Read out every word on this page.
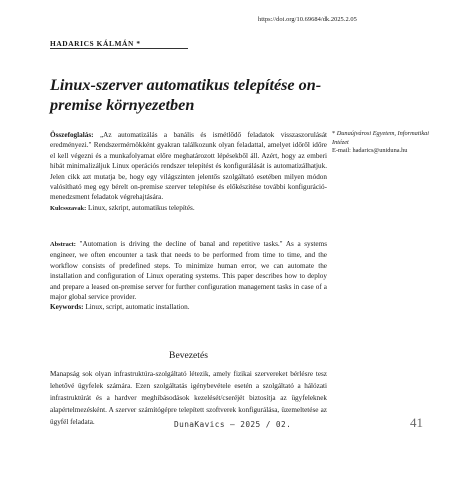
https://doi.org/10.69684/dk.2025.2.05
HADARICS KÁLMÁN *
Linux-szerver automatikus telepítése on-premise környezetben
Összefoglalás: „Az automatizálás a banális és ismétlődő feladatok visszaszorulását eredményezi." Rendszermérnökként gyakran találkozunk olyan feladattal, amelyet időről időre el kell végezni és a munkafolyamat előre meghatározott lépésekből áll. Azért, hogy az emberi hibát minimalizáljuk Linux operációs rendszer telepítést és konfigurálását is automatizálhatjuk. Jelen cikk azt mutatja be, hogy egy világszinten jelentős szolgáltató esetében milyen módon valósítható meg egy bérelt on-premise szerver telepítése és előkészítése további konfiguráció-menedzsment feladatok végrehajtására.
Kulcsszavak: Linux, szkript, automatikus telepítés.
Abstract: "Automation is driving the decline of banal and repetitive tasks." As a systems engineer, we often encounter a task that needs to be performed from time to time, and the workflow consists of predefined steps. To minimize human error, we can automate the installation and configuration of Linux operating systems. This paper describes how to deploy and prepare a leased on-premise server for further configuration management tasks in case of a major global service provider.
Keywords: Linux, script, automatic installation.
* Dunaújvárosi Egyetem, Informatikai Intézet
E-mail: hadarics@uniduna.hu
Bevezetés
Manapság sok olyan infrastruktúra-szolgáltató létezik, amely fizikai szervereket bérlésre tesz lehetővé ügyfelek számára. Ezen szolgáltatás igénybevétele esetén a szolgáltató a hálózati infrastruktúrát és a hardver meghibásodások kezelését/cseréjét biztosítja az ügyfeleknek alapértelmezésként. A szerver számítógépre telepített szoftverek konfigurálása, üzemeltetése az ügyfél feladata.	DunaKavics – 2025 / 02.	41
